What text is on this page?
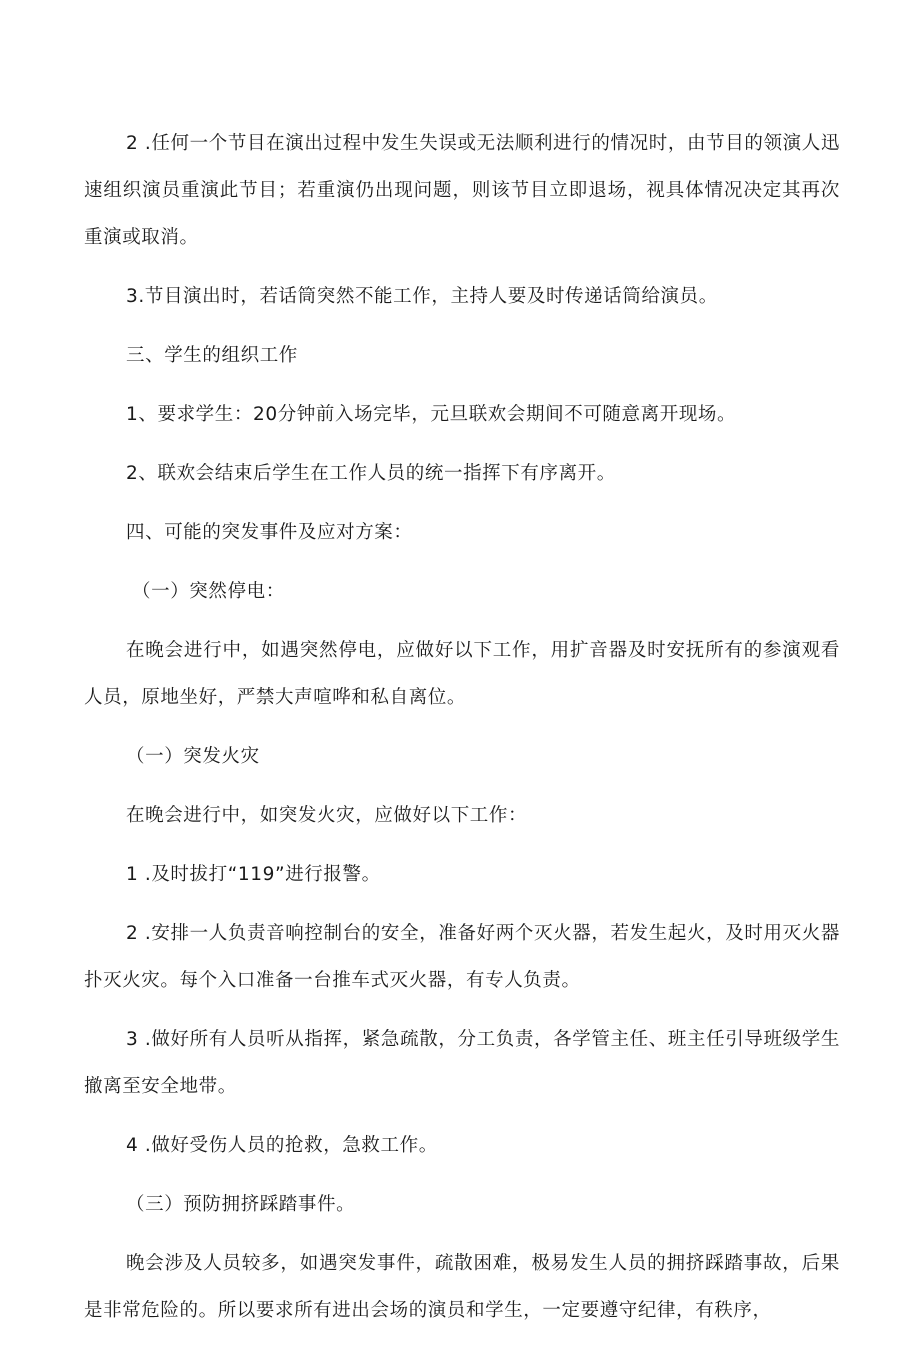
2 .任何一个节目在演出过程中发生失误或无法顺利进行的情况时，由节目的领演人迅速组织演员重演此节目；若重演仍出现问题，则该节目立即退场，视具体情况决定其再次重演或取消。

3.节目演出时，若话筒突然不能工作，主持人要及时传递话筒给演员。

三、学生的组织工作

1、要求学生：20分钟前入场完毕，元旦联欢会期间不可随意离开现场。

2、联欢会结束后学生在工作人员的统一指挥下有序离开。

四、可能的突发事件及应对方案：

（一）突然停电：

在晚会进行中，如遇突然停电，应做好以下工作，用扩音器及时安抚所有的参演观看人员，原地坐好，严禁大声喧哗和私自离位。

（一）突发火灾

在晚会进行中，如突发火灾，应做好以下工作：

1 .及时拔打“119”进行报警。

2 .安排一人负责音响控制台的安全，准备好两个灭火器，若发生起火，及时用灭火器扑灭火灾。每个入口准备一台推车式灭火器，有专人负责。

3 .做好所有人员听从指挥，紧急疏散，分工负责，各学管主任、班主任引导班级学生撤离至安全地带。

4 .做好受伤人员的抢救，急救工作。

（三）预防拥挤踩踏事件。

晚会涉及人员较多，如遇突发事件，疏散困难，极易发生人员的拥挤踩踏事故，后果是非常危险的。所以要求所有进出会场的演员和学生，一定要遵守纪律，有秩序，
